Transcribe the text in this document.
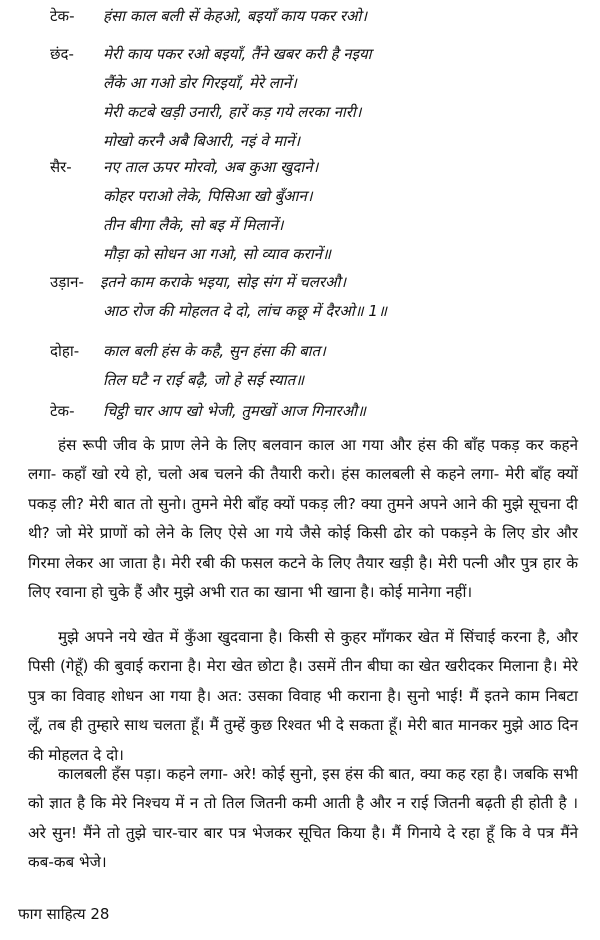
टेक- हंसा काल बली सें केहओ, बइयाँ काय पकर रओ।
छंद- मेरी काय पकर रओ बइयाँ, तैंने खबर करी है नइया
लैंके आ गओ डोर गिरइयाँ, मेरे लानें।
मेरी कटबे खड़ी उनारी, हारें कड़ गये लरका नारी।
मोखो करनै अबै बिआरी, नइं वे मानें।
सैर- नए ताल ऊपर मोरवो, अब कुआ खुदाने।
कोहर पराओ लेके, पिसिआ खो बुँआन।
तीन बीगा लैके, सो बइ में मिलानें।
मौड़ा को सोधन आ गओ, सो व्याव करानें॥
उड़ान- इतने काम कराके भइया, सोइ संग में चलरऔ।
आठ रोज की मोहलत दे दो, लांच कछू में दैरओ॥ 1॥
दोहा- काल बली हंस के कहै, सुन हंसा की बात।
तिल घटै न राई बढ़ै, जो हे सई स्यात॥
टेक- चिट्ठी चार आप खो भेजी, तुमखों आज गिनारऔ॥

हंस रूपी जीव के प्राण लेने के लिए बलवान काल आ गया और हंस की बाँह पकड़ कर कहने लगा- कहाँ खो रये हो, चलो अब चलने की तैयारी करो। हंस कालबली से कहने लगा- मेरी बाँह क्यों पकड़ ली? मेरी बात तो सुनो। तुमने मेरी बाँह क्यों पकड़ ली? क्या तुमने अपने आने की मुझे सूचना दी थी? जो मेरे प्राणों को लेने के लिए ऐसे आ गये जैसे कोई किसी ढोर को पकड़ने के लिए डोर और गिरमा लेकर आ जाता है। मेरी रबी की फसल कटने के लिए तैयार खड़ी है। मेरी पत्नी और पुत्र हार के लिए रवाना हो चुके हैं और मुझे अभी रात का खाना भी खाना है। कोई मानेगा नहीं।

मुझे अपने नये खेत में कुँआ खुदवाना है। किसी से कुहर माँगकर खेत में सिंचाई करना है, और पिसी (गेहूँ) की बुवाई कराना है। मेरा खेत छोटा है। उसमें तीन बीघा का खेत खरीदकर मिलाना है। मेरे पुत्र का विवाह शोधन आ गया है। अत: उसका विवाह भी कराना है। सुनो भाई! मैं इतने काम निबटा लूँ, तब ही तुम्हारे साथ चलता हूँ। मैं तुम्हें कुछ रिश्वत भी दे सकता हूँ। मेरी बात मानकर मुझे आठ दिन की मोहलत दे दो।

कालबली हँस पड़ा। कहने लगा- अरे! कोई सुनो, इस हंस की बात, क्या कह रहा है। जबकि सभी को ज्ञात है कि मेरे निश्चय में न तो तिल जितनी कमी आती है और न राई जितनी बढ़ती ही होती है । अरे सुन! मैंने तो तुझे चार-चार बार पत्र भेजकर सूचित किया है। मैं गिनाये दे रहा हूँ कि वे पत्र मैंने कब-कब भेजे।

फाग साहित्य 28
